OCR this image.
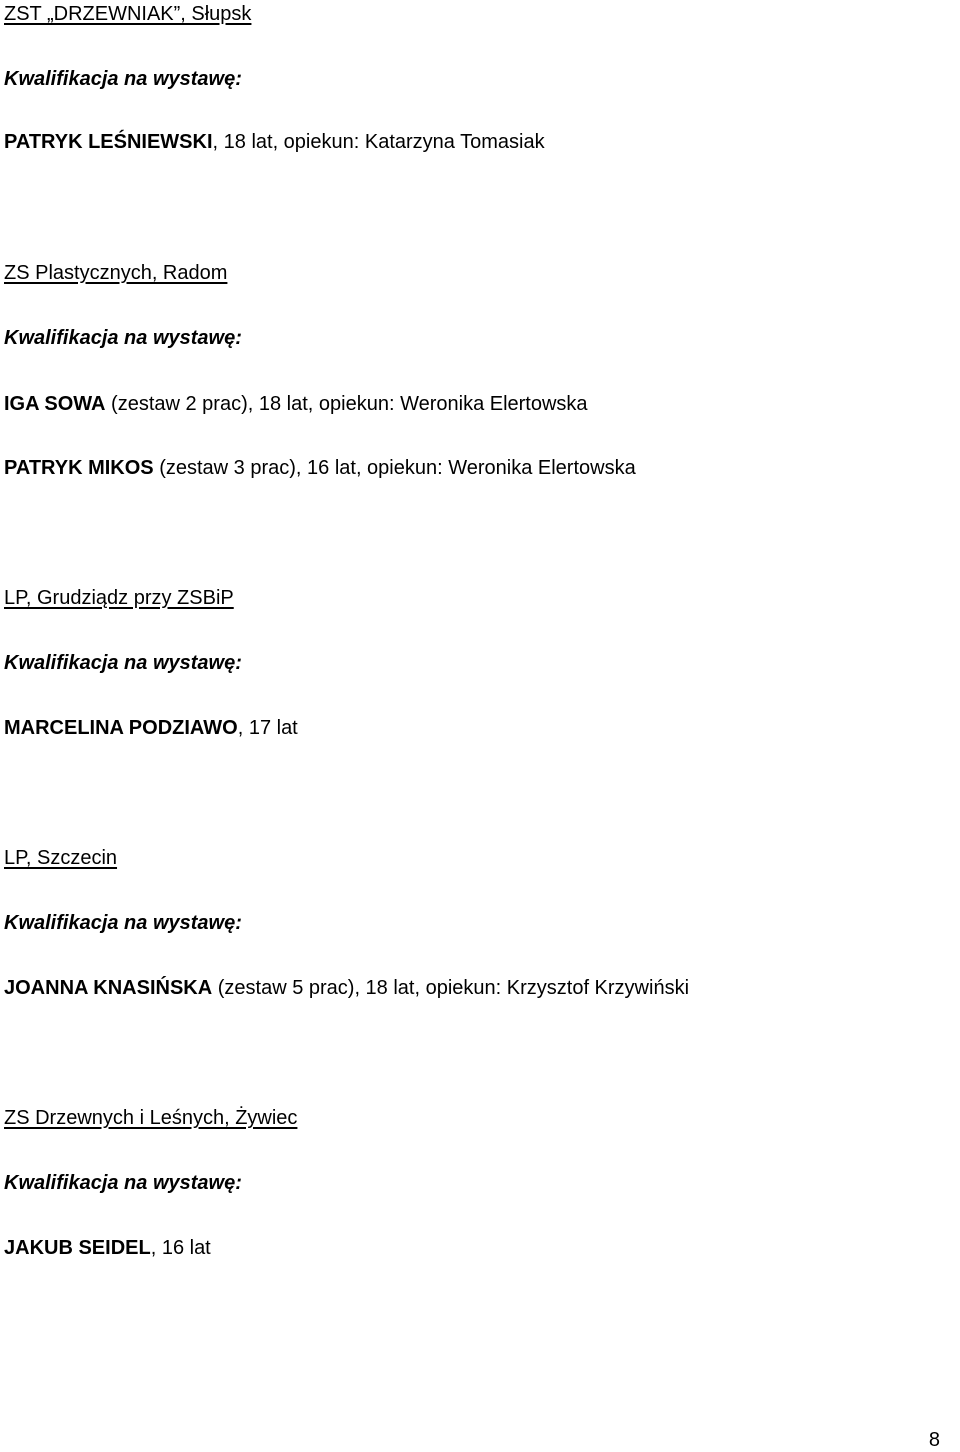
ZST „DRZEWNIAK”, Słupsk
Kwalifikacja na wystawę:
PATRYK LEŚNIEWSKI, 18 lat, opiekun: Katarzyna Tomasiak
ZS Plastycznych, Radom
Kwalifikacja na wystawę:
IGA SOWA (zestaw 2 prac), 18 lat, opiekun: Weronika Elertowska
PATRYK MIKOS (zestaw 3 prac), 16 lat, opiekun: Weronika Elertowska
LP, Grudziądz przy ZSBiP
Kwalifikacja na wystawę:
MARCELINA PODZIAWO, 17 lat
LP, Szczecin
Kwalifikacja na wystawę:
JOANNA KNASIŃSKA (zestaw 5 prac), 18 lat, opiekun: Krzysztof Krzywiński
ZS Drzewnych i Leśnych, Żywiec
Kwalifikacja na wystawę:
JAKUB SEIDEL, 16 lat
8
